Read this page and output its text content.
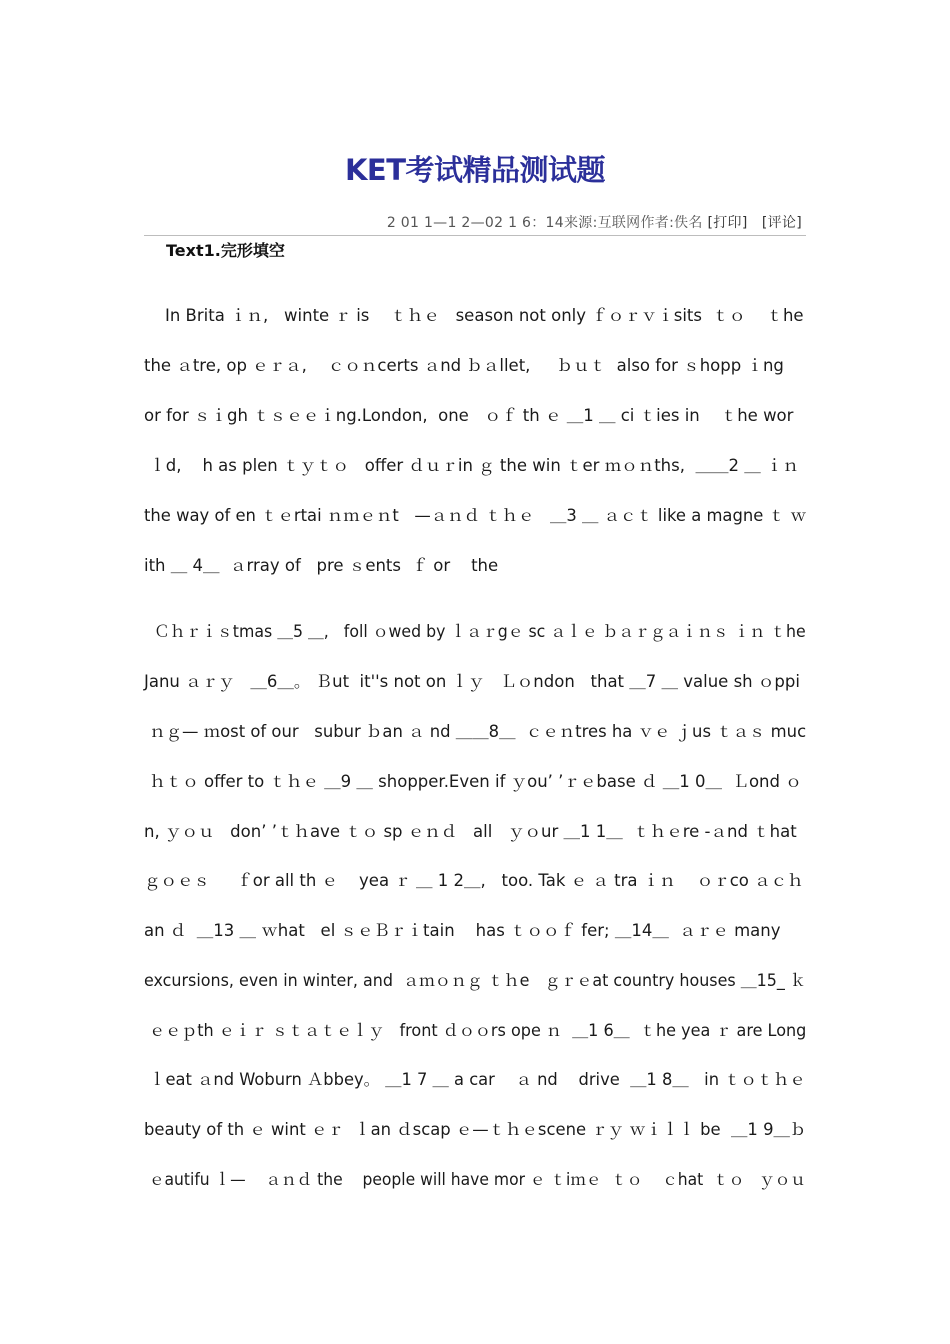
KET考试精品测试题
2 01 1—1 2—02 1 6：14来源:互联网作者:佚名 [打印] [评论]
Text1.完形填空
In Brita ｉｎ,   winte ｒ is    ｔｈｅ   season not only ｆｏｒｖｉsits  ｔｏ    ｔhe
the ａtre, op ｅｒａ,    ｃｏｎcerts ａnd ｂａllet,     ｂｕｔ  also for ｓhopp ｉng
or for ｓｉgh ｔｓｅｅｉng.London,  one   ｏｆ th ｅ ＿1 ＿ ci ｔies in    ｔhe wor
ｌd,    h as plen ｔｙｔｏ   offer ｄｕｒin ｇ the win ｔer ｍｏｎths,  ＿＿2 ＿ ｉｎ
the way of en ｔｅrtai ｎｍｅｎt   —ａｎｄ ｔｈｅ   ＿3 ＿ ａｃｔ like a magne ｔ ｗ
ith ＿ 4＿  ａrray of   pre ｓents  ｆ or    the
Ｃｈｒｉｓtmas ＿5 ＿,   foll ｏwed by ｌａｒgｅ sc ａｌｅ ｂａｒｇａｉｎｓ ｉｎ ｔhe
Janu ａｒｙ   ＿6＿。 Ｂut  it''s not on ｌｙ   Ｌｏndon   that ＿7 ＿ value sh ｏppi
ｎｇ— ｍost of our   subur ｂan ａ nd ＿＿8＿  ｃｅｎtres ha ｖｅ ｊus ｔａｓ muc
ｈｔｏ offer to ｔｈｅ ＿9 ＿ shopper.Even if ｙou’ ’ｒｅbase ｄ ＿1 0＿  Ｌond ｏ
n, ｙｏｕ   don’ ’ｔｈave ｔｏ sp ｅｎｄ   all   ｙｏur ＿1 1＿  ｔｈｅre -ａnd ｔhat
ｇｏｅｓ     ｆor all th ｅ    yea ｒ ＿ 1 2＿,   too. Tak ｅ ａ tra ｉｎ    ｏｒco ａｃｈ
an ｄ  ＿13 ＿ ｗhat   el ｓｅＢｒｉtain    has ｔｏｏｆ fer; ＿14＿  ａｒｅ many
excursions, even in winter, and  ａｍｏｎｇ ｔｈe   ｇｒｅat country houses ＿15_ ｋ
ｅｅｐth ｅｉｒ ｓｔａｔｅｌｙ   front ｄｏｏrs ope ｎ  ＿1 6＿  ｔhe yea ｒ are Long
ｌeat ａnd Woburn Ａbbey。 ＿1 7 ＿ a car    ａ nd    drive  ＿1 8＿   in ｔｏｔｈｅ
beauty of th ｅ wint ｅｒ  ｌan ｄscap ｅ—ｔｈｅscene ｒｙ ｗｉｌｌ be  ＿1 9＿ｂ
ｅautifu ｌ—    ａｎｄ the    people will have mor ｅ ｔiｍｅ  ｔｏ    ｃhat  ｔｏ   ｙｏｕ
